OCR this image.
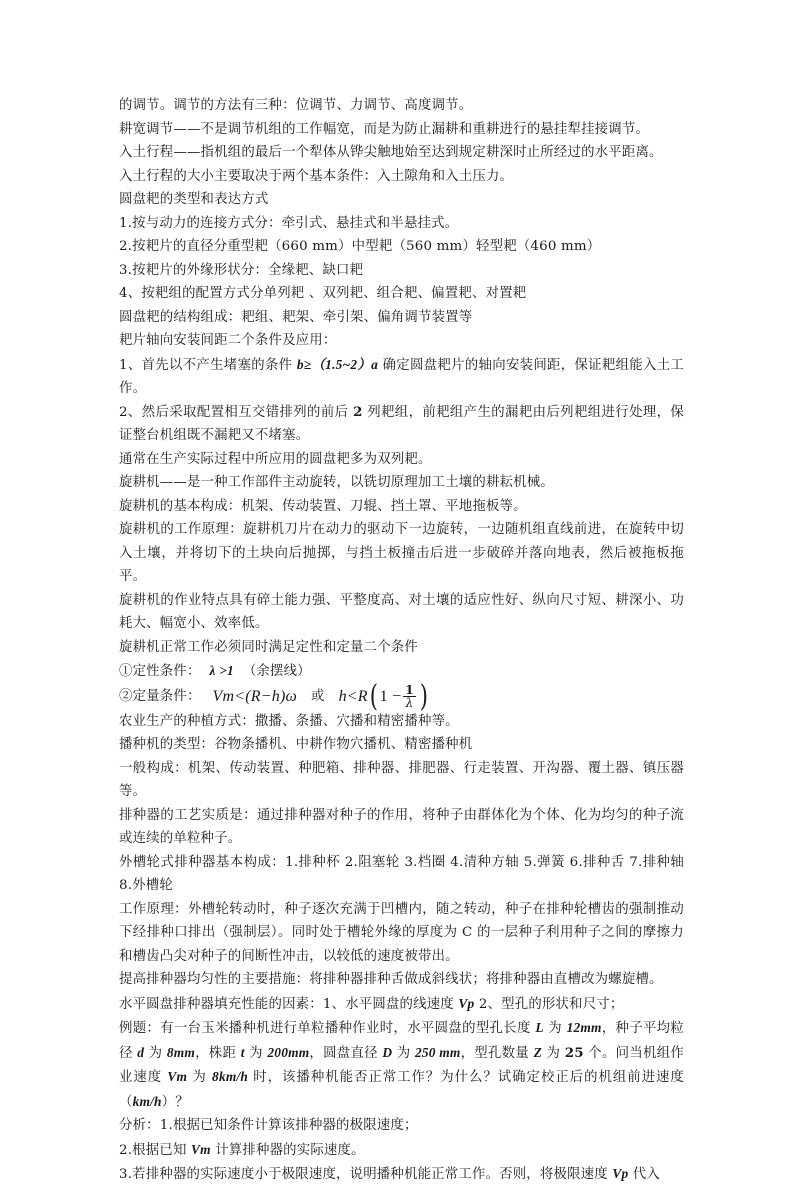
的调节。调节的方法有三种：位调节、力调节、高度调节。

耕宽调节——不是调节机组的工作幅宽，而是为防止漏耕和重耕进行的悬挂犁挂接调节。

入土行程——指机组的最后一个犁体从铧尖触地始至达到规定耕深时止所经过的水平距离。

入土行程的大小主要取决于两个基本条件：入土隙角和入土压力。

圆盘耙的类型和表达方式

1.按与动力的连接方式分：牵引式、悬挂式和半悬挂式。

2.按耙片的直径分重型耙（660 mm）中型耙（560 mm）轻型耙（460 mm）

3.按耙片的外缘形状分：全缘耙、缺口耙

4、按耙组的配置方式分单列耙 、双列耙、组合耙、偏置耙、对置耙

圆盘耙的结构组成：耙组、耙架、牵引架、偏角调节装置等

耙片轴向安装间距二个条件及应用：

1、首先以不产生堵塞的条件 b≥（1.5~2）a 确定圆盘耙片的轴向安装间距，保证耙组能入土工作。

2、然后采取配置相互交错排列的前后 2 列耙组，前耙组产生的漏耙由后列耙组进行处理，保证整台机组既不漏耙又不堵塞。

通常在生产实际过程中所应用的圆盘耙多为双列耙。

旋耕机——是一种工作部件主动旋转，以铣切原理加工土壤的耕耘机械。

旋耕机的基本构成：机架、传动装置、刀辊、挡土罩、平地拖板等。

旋耕机的工作原理：旋耕机刀片在动力的驱动下一边旋转，一边随机组直线前进，在旋转中切入土壤，并将切下的土块向后抛掷，与挡土板撞击后进一步破碎并落向地表，然后被拖板拖平。

旋耕机的作业特点具有碎土能力强、平整度高、对土壤的适应性好、纵向尺寸短、耕深小、功耗大、幅宽小、效率低。

旋耕机正常工作必须同时满足定性和定量二个条件

①定性条件： λ >1 （余摆线）

②定量条件： Vm<(R−h)ω 或 h<R ( $1 - \frac{1}{\lambda}$ )

农业生产的种植方式：撒播、条播、穴播和精密播种等。

播种机的类型：谷物条播机、中耕作物穴播机、精密播种机

一般构成：机架、传动装置、种肥箱、排种器、排肥器、行走装置、开沟器、覆土器、镇压器等。

排种器的工艺实质是：通过排种器对种子的作用，将种子由群体化为个体、化为均匀的种子流或连续的单粒种子。

外槽轮式排种器基本构成：1.排种杯 2.阻塞轮 3.档圈 4.清种方轴 5.弹簧 6.排种舌 7.排种轴 8.外槽轮

工作原理：外槽轮转动时，种子逐次充满于凹槽内，随之转动，种子在排种轮槽齿的强制推动下经排种口排出（强制层）。同时处于槽轮外缘的厚度为 C 的一层种子利用种子之间的摩擦力和槽齿凸尖对种子的间断性冲击，以较低的速度被带出。

提高排种器均匀性的主要措施：将排种器排种舌做成斜线状；将排种器由直槽改为螺旋槽。

水平圆盘排种器填充性能的因素：1、水平圆盘的线速度 Vp 2、型孔的形状和尺寸；

例题：有一台玉米播种机进行单粒播种作业时，水平圆盘的型孔长度 L 为 12mm，种子平均粒径 d 为 8mm，株距 t 为 200mm，圆盘直径 D 为 250 mm，型孔数量 Z 为 25 个。问当机组作业速度 Vm 为 8km/h 时，该播种机能否正常工作？为什么？试确定校正后的机组前进速度（km/h）？

分析：1.根据已知条件计算该排种器的极限速度；

2.根据已知 Vm 计算排种器的实际速度。

3.若排种器的实际速度小于极限速度，说明播种机能正常工作。否则，将极限速度 Vp 代入
